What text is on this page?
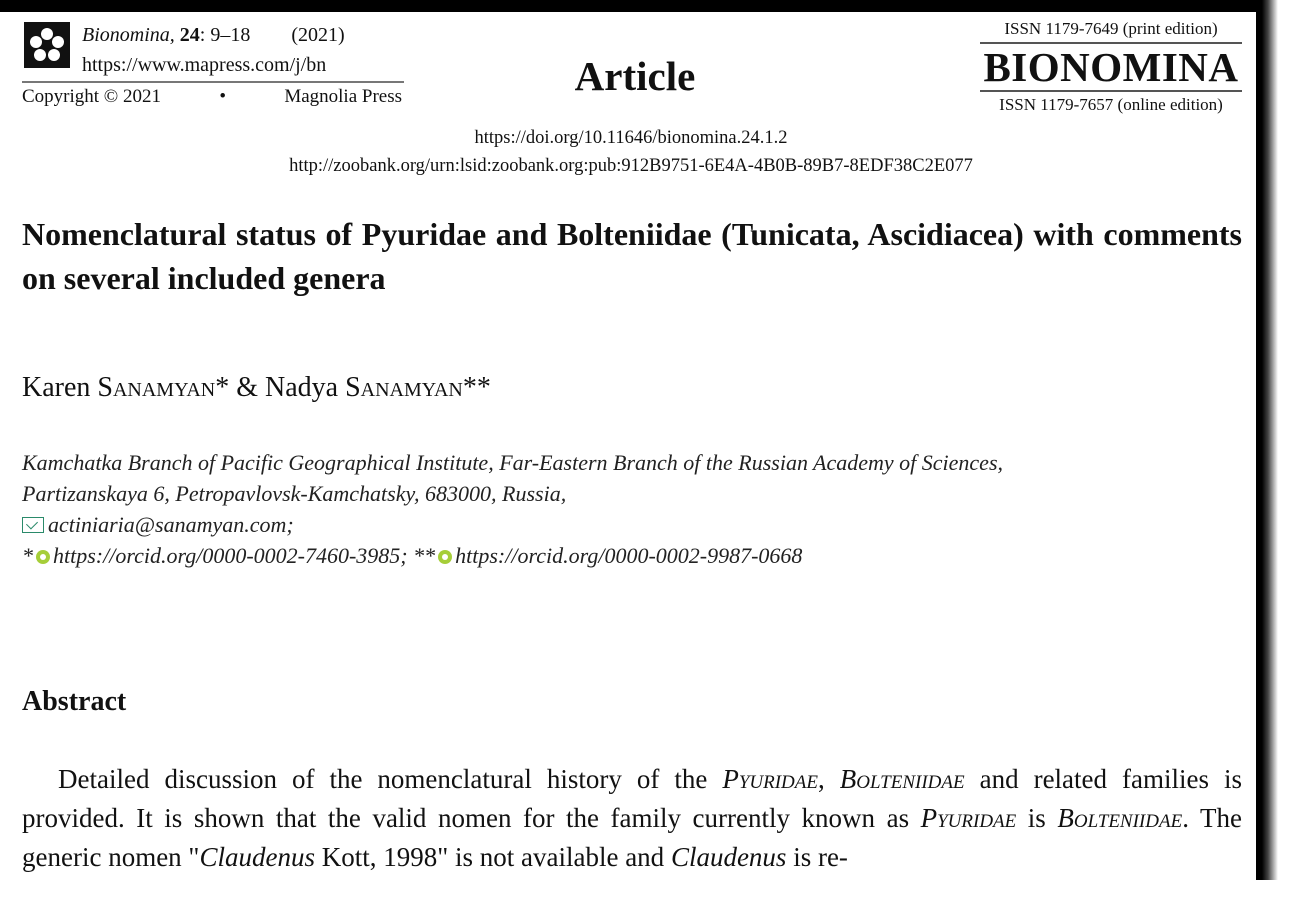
Bionomina, 24: 9–18 (2021)
https://www.mapress.com/j/bn
Copyright © 2021	•	Magnolia Press	Article
ISSN 1179-7649 (print edition)
BIONOMINA
ISSN 1179-7657 (online edition)
https://doi.org/10.11646/bionomina.24.1.2
http://zoobank.org/urn:lsid:zoobank.org:pub:912B9751-6E4A-4B0B-89B7-8EDF38C2E077
Nomenclatural status of Pyuridae and Bolteniidae (Tunicata, Ascidiacea) with comments on several included genera
Karen Sanamyan* & Nadya Sanamyan**
Kamchatka Branch of Pacific Geographical Institute, Far-Eastern Branch of the Russian Academy of Sciences,
Partizanskaya 6, Petropavlovsk-Kamchatsky, 683000, Russia,
actiniaria@sanamyan.com;
* https://orcid.org/0000-0002-7460-3985; ** https://orcid.org/0000-0002-9987-0668
Abstract
Detailed discussion of the nomenclatural history of the Pyuridae, Bolteniidae and related families is provided. It is shown that the valid nomen for the family currently known as Pyuridae is Bolteniidae. The generic nomen "Claudenus Kott, 1998" is not available and Claudenus is re-
